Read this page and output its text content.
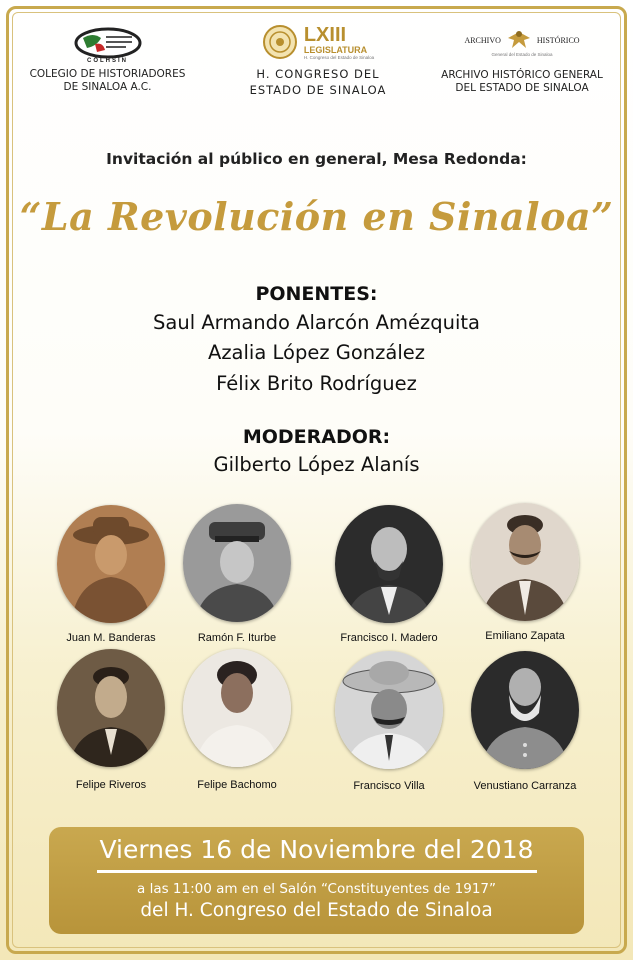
COLHSIN
COLEGIO DE HISTORIADORES
DE SINALOA A.C.
LXIII
LEGISLATURA
H. Congreso del Estado de Sinaloa
H. CONGRESO DEL
ESTADO DE SINALOA
ARCHIVO	HISTÓRICO
General del Estado de Sinaloa
ARCHIVO HISTÓRICO GENERAL
DEL ESTADO DE SINALOA
Invitación al público en general, Mesa Redonda:
“La Revolución en Sinaloa”
PONENTES:
Saul Armando Alarcón Amézquita
Azalia López González
Félix Brito Rodríguez
MODERADOR:
Gilberto López Alanís
Juan M. Banderas	Ramón F. Iturbe	Francisco I. Madero	Emiliano Zapata
Felipe Riveros	Felipe Bachomo	Francisco Villa	Venustiano Carranza
Viernes 16 de Noviembre del 2018
a las 11:00 am en el Salón “Constituyentes de 1917”
del H. Congreso del Estado de Sinaloa
